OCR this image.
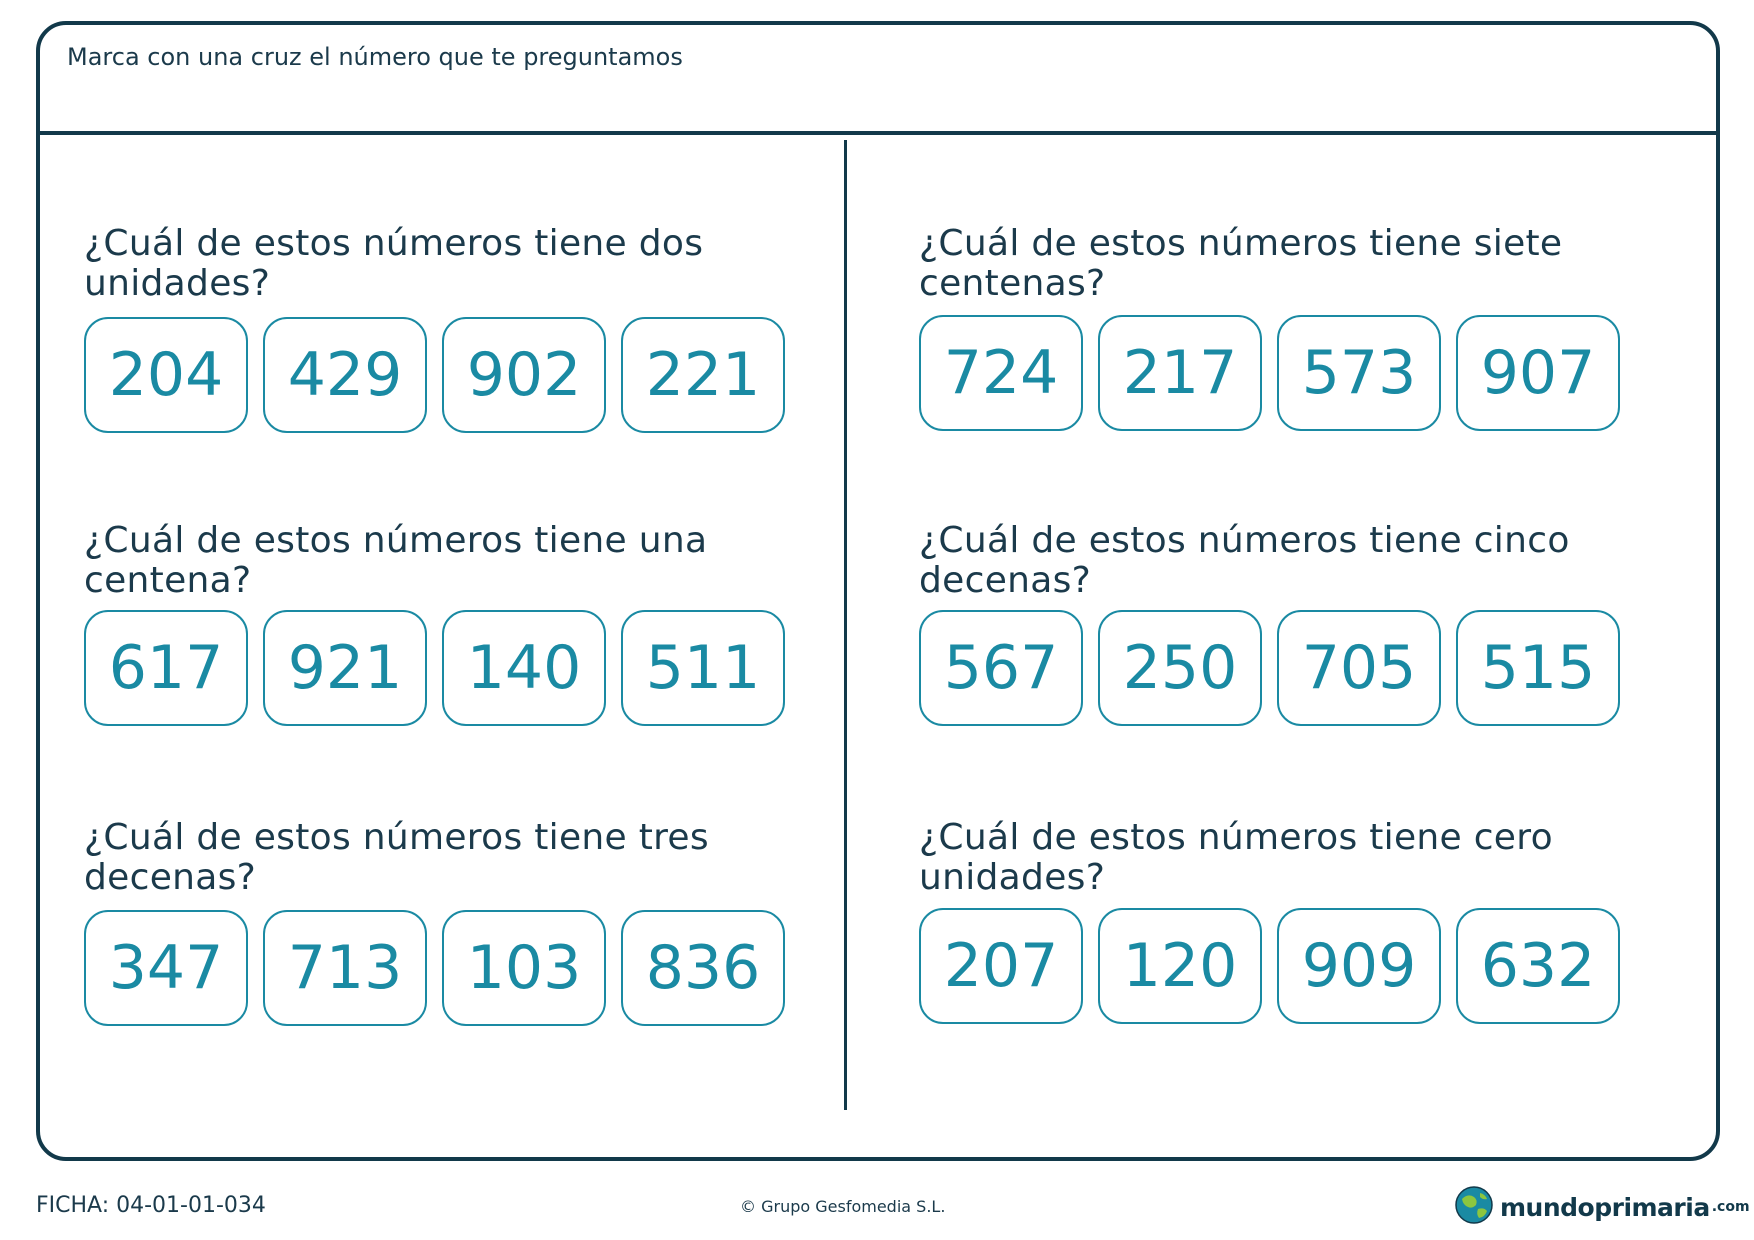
Marca con una cruz el número que te preguntamos

¿Cuál de estos números tiene dos unidades?

204	429	902	221

¿Cuál de estos números tiene una centena?

617	921	140	511

¿Cuál de estos números tiene tres decenas?

347	713	103	836

¿Cuál de estos números tiene siete centenas?

724	217	573	907

¿Cuál de estos números tiene cinco decenas?

567	250	705	515

¿Cuál de estos números tiene cero unidades?

207	120	909	632
FICHA: 04-01-01-034	© Grupo Gesfomedia S.L.	mundoprimaria .com
